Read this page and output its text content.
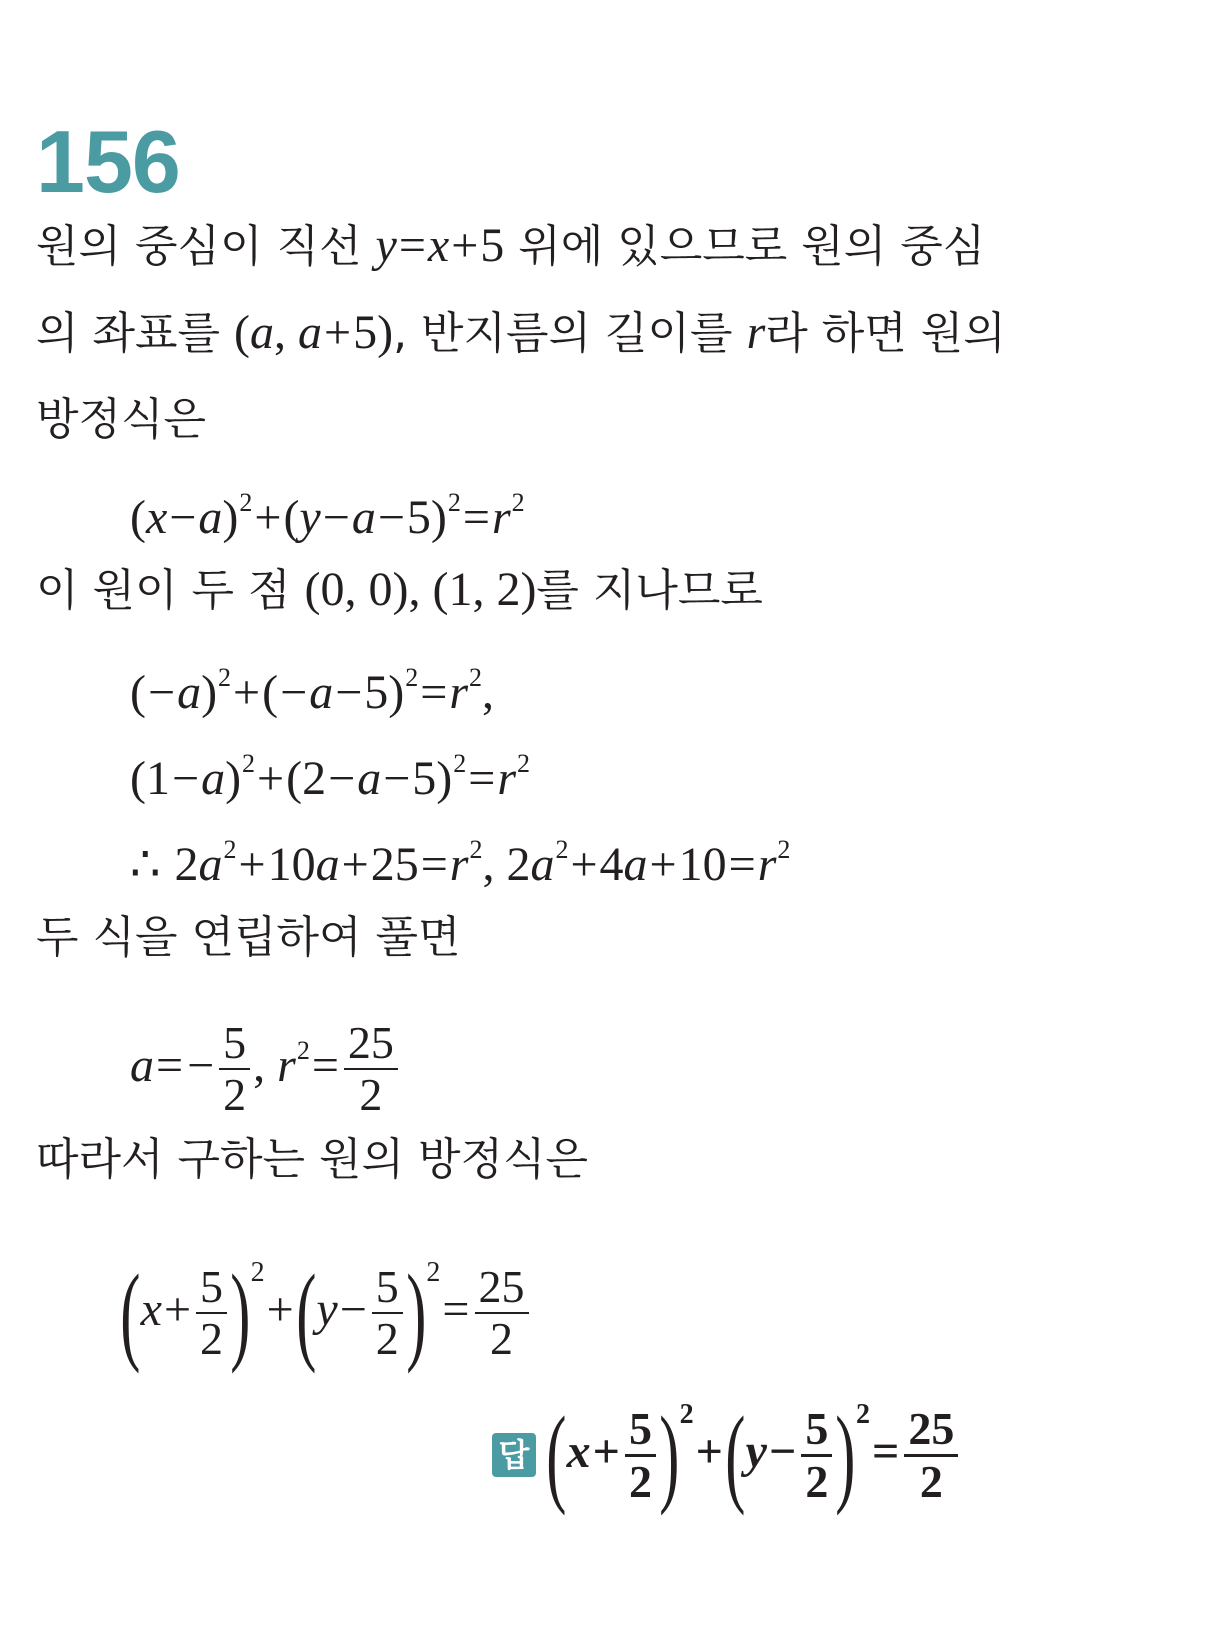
156
원의 중심이 직선 y=x+5 위에 있으므로 원의 중심
의 좌표를 (a, a+5), 반지름의 길이를 r라 하면 원의
방정식은
$(x-a)^2+(y-a-5)^2=r^2$
이 원이 두 점 (0, 0), (1, 2)를 지나므로
$(-a)^2+(-a-5)^2=r^2$,
$(1-a)^2+(2-a-5)^2=r^2$
∴ $2a^2+10a+25=r^2$, $2a^2+4a+10=r^2$
두 식을 연립하여 풀면
$a=- \frac{5}{2}$ , $r^2= \frac{25}{2}$
따라서 구하는 원의 방정식은
$(x+ \frac{5}{2} )^2+(y- \frac{5}{2} )^2= \frac{25}{2}$
답 $(x+ \frac{5}{2} )^2+(y- \frac{5}{2} )^2= \frac{25}{2}$
